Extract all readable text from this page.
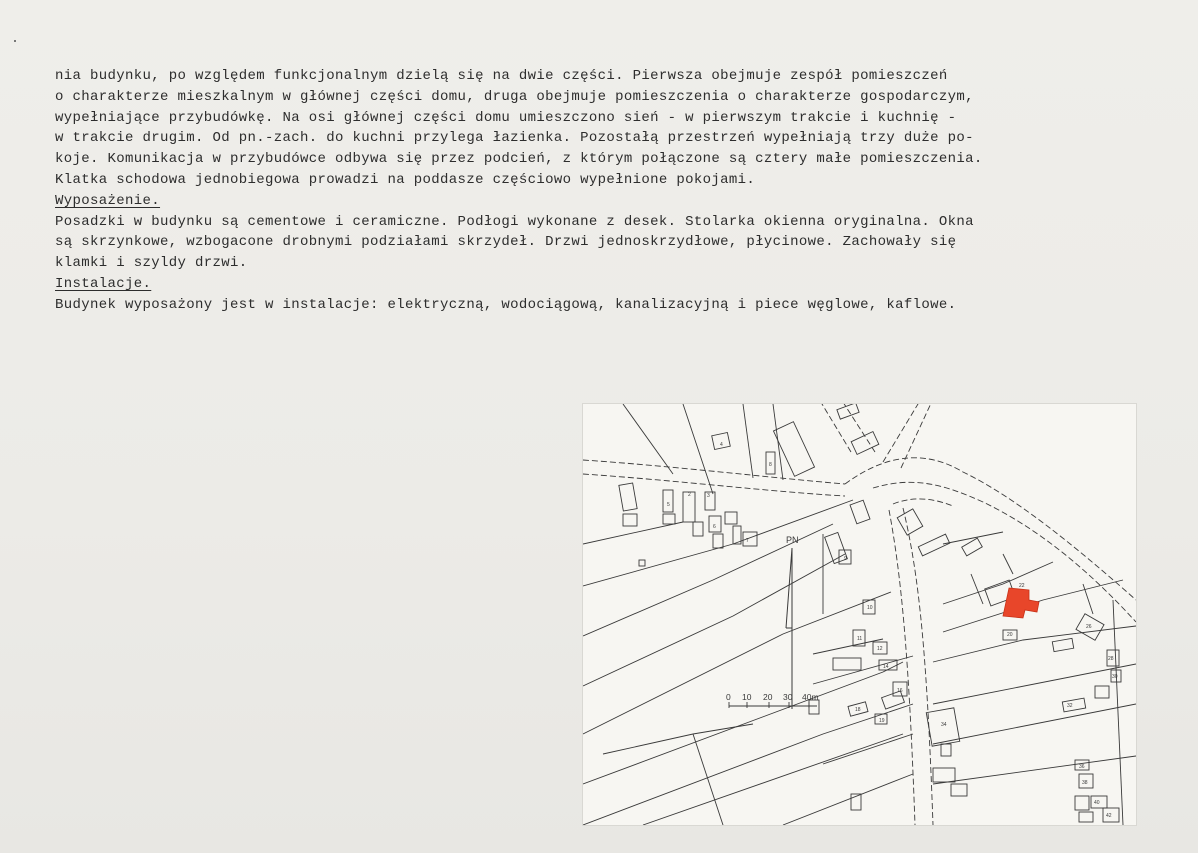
nia budynku, po względem funkcjonalnym dzielą się na dwie części. Pierwsza obejmuje zespół pomieszczeń
o charakterze mieszkalnym w głównej części domu, druga obejmuje pomieszczenia o charakterze gospodarczym,
wypełniające przybudówkę. Na osi głównej części domu umieszczono sień - w pierwszym trakcie i kuchnię -
w trakcie drugim. Od pn.-zach. do kuchni przylega łazienka. Pozostałą przestrzeń wypełniają trzy duże po-
koje. Komunikacja w przybudówce odbywa się przez podcień, z którym połączone są cztery małe pomieszczenia.
Klatka schodowa jednobiegowa prowadzi na poddasze częściowo wypełnione pokojami.
Wyposażenie.
Posadzki w budynku są cementowe i ceramiczne. Podłogi wykonane z desek. Stolarka okienna oryginalna. Okna
są skrzynkowe, wzbogacone drobnymi podziałami skrzydeł. Drzwi jednoskrzydłowe, płycinowe. Zachowały się
klamki i szyldy drzwi.
Instalacje.
Budynek wyposażony jest w instalacje: elektryczną, wodociągową, kanalizacyjną i piece węglowe, kaflowe.
PN
0 10 20 30 40m
4
2	3
5
6
7
8
9
10
11
12
14
16
18
19
20
22
26
28
30
32
34
36
38
40
42
